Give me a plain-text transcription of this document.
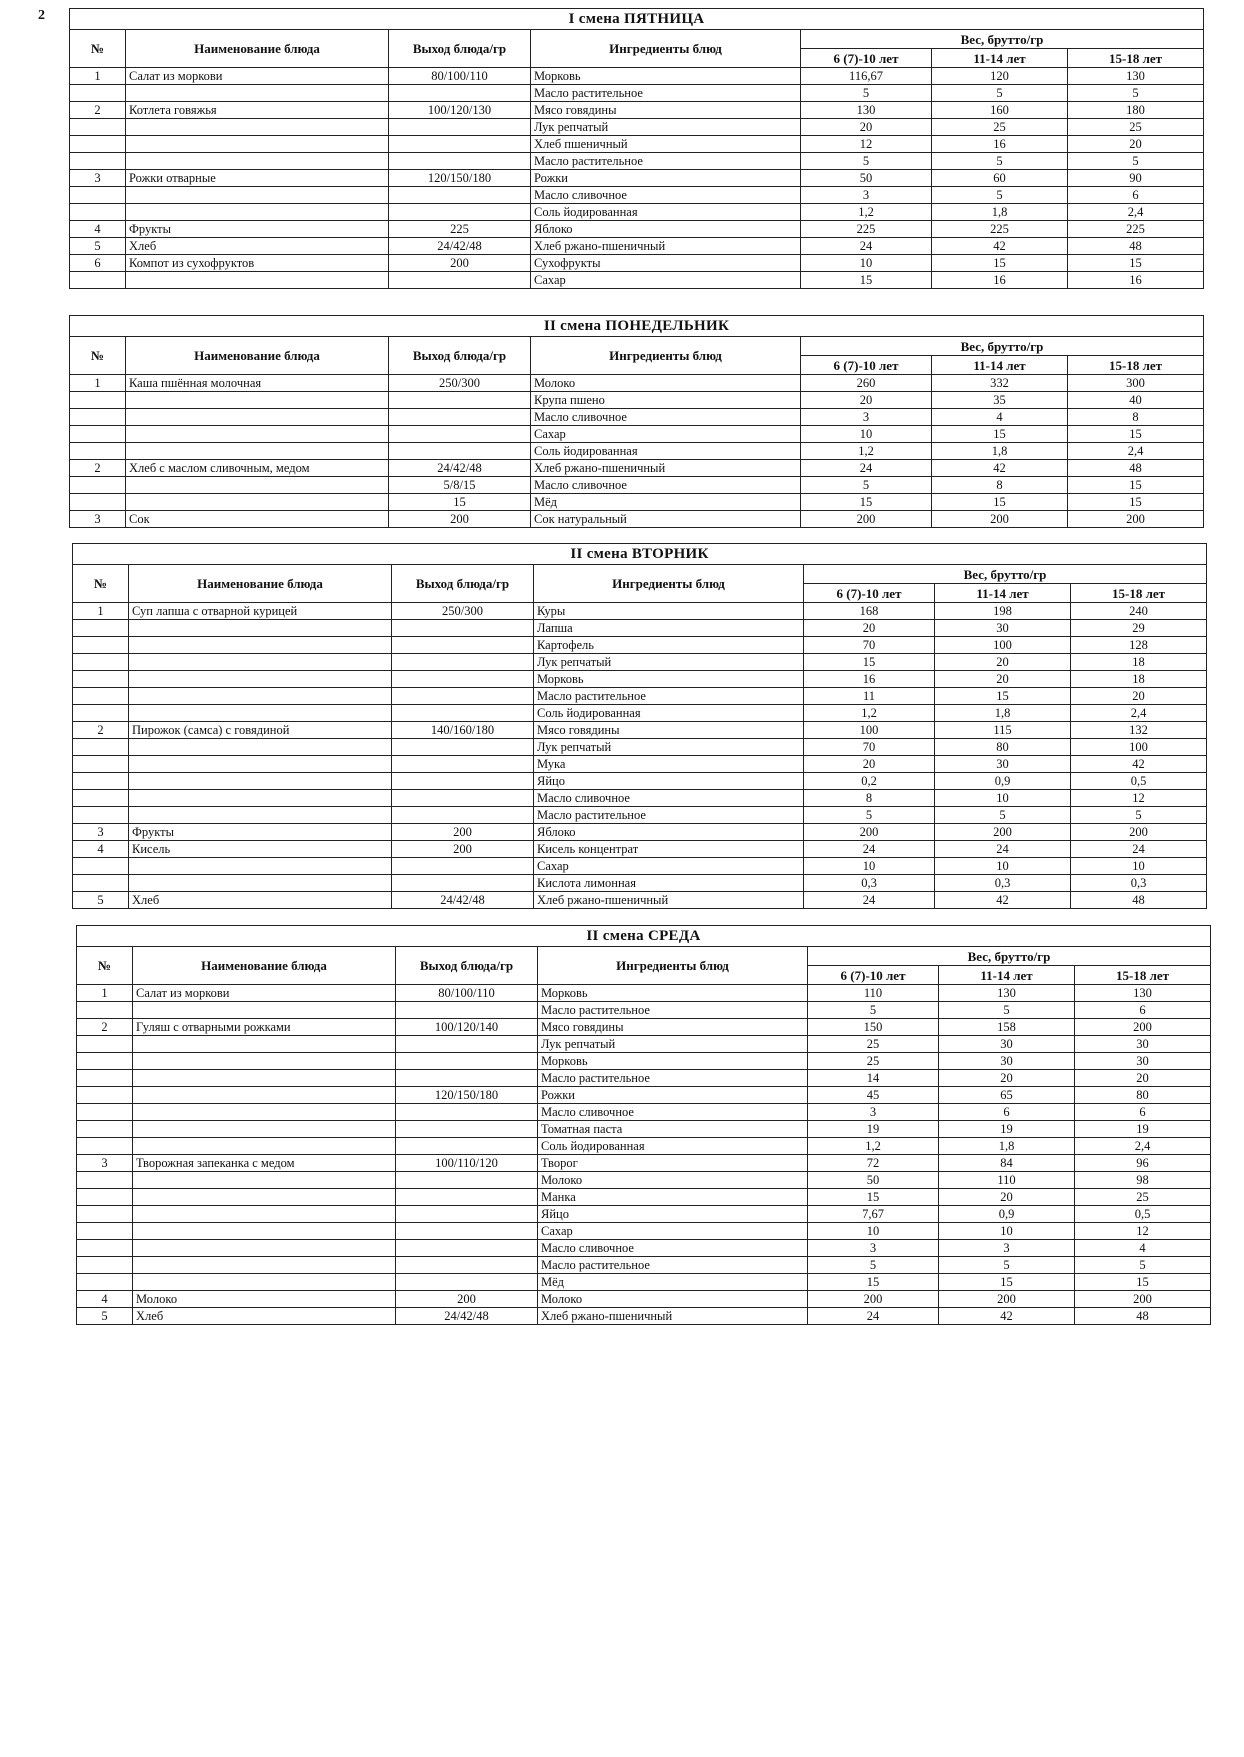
2	I смена ПЯТНИЦА						
№	Наименование блюда	Выход блюда/гр	Ингредиенты блюд	Вес, брутто/гр		
				6 (7)-10 лет	11-14 лет	15-18 лет
1	Салат из моркови	80/100/110	Морковь	116,67	120	130
			Масло растительное	5	5	5
2	Котлета говяжья	100/120/130	Мясо говядины	130	160	180
			Лук репчатый	20	25	25
			Хлеб пшеничный	12	16	20
			Масло растительное	5	5	5
3	Рожки отварные	120/150/180	Рожки	50	60	90
			Масло сливочное	3	5	6
			Соль йодированная	1,2	1,8	2,4
4	Фрукты	225	Яблоко	225	225	225
5	Хлеб	24/42/48	Хлеб ржано-пшеничный	24	42	48
6	Компот из сухофруктов	200	Сухофрукты	10	15	15
			Сахар	15	16	16
II смена ПОНЕДЕЛЬНИК						
№	Наименование блюда	Выход блюда/гр	Ингредиенты блюд	Вес, брутто/гр		
				6 (7)-10 лет	11-14 лет	15-18 лет
1	Каша пшённая молочная	250/300	Молоко	260	332	300
			Крупа пшено	20	35	40
			Масло сливочное	3	4	8
			Сахар	10	15	15
			Соль йодированная	1,2	1,8	2,4
2	Хлеб с маслом сливочным, медом	24/42/48	Хлеб ржано-пшеничный	24	42	48
		5/8/15	Масло сливочное	5	8	15
		15	Мёд	15	15	15
3	Сок	200	Сок натуральный	200	200	200
II смена ВТОРНИК						
№	Наименование блюда	Выход блюда/гр	Ингредиенты блюд	Вес, брутто/гр		
				6 (7)-10 лет	11-14 лет	15-18 лет
1	Суп лапша с отварной курицей	250/300	Куры	168	198	240
			Лапша	20	30	29
			Картофель	70	100	128
			Лук репчатый	15	20	18
			Морковь	16	20	18
			Масло растительное	11	15	20
			Соль йодированная	1,2	1,8	2,4
2	Пирожок (самса) с говядиной	140/160/180	Мясо говядины	100	115	132
			Лук репчатый	70	80	100
			Мука	20	30	42
			Яйцо	0,2	0,9	0,5
			Масло сливочное	8	10	12
			Масло растительное	5	5	5
3	Фрукты	200	Яблоко	200	200	200
4	Кисель	200	Кисель концентрат	24	24	24
			Сахар	10	10	10
			Кислота лимонная	0,3	0,3	0,3
5	Хлеб	24/42/48	Хлеб ржано-пшеничный	24	42	48
II смена СРЕДА						
№	Наименование блюда	Выход блюда/гр	Ингредиенты блюд	Вес, брутто/гр		
				6 (7)-10 лет	11-14 лет	15-18 лет
1	Салат из моркови	80/100/110	Морковь	110	130	130
			Масло растительное	5	5	6
2	Гуляш с отварными рожками	100/120/140	Мясо говядины	150	158	200
			Лук репчатый	25	30	30
			Морковь	25	30	30
			Масло растительное	14	20	20
		120/150/180	Рожки	45	65	80
			Масло сливочное	3	6	6
			Томатная паста	19	19	19
			Соль йодированная	1,2	1,8	2,4
3	Творожная запеканка с медом	100/110/120	Творог	72	84	96
			Молоко	50	110	98
			Манка	15	20	25
			Яйцо	7,67	0,9	0,5
			Сахар	10	10	12
			Масло сливочное	3	3	4
			Масло растительное	5	5	5
			Мёд	15	15	15
4	Молоко	200	Молоко	200	200	200
5	Хлеб	24/42/48	Хлеб ржано-пшеничный	24	42	48
